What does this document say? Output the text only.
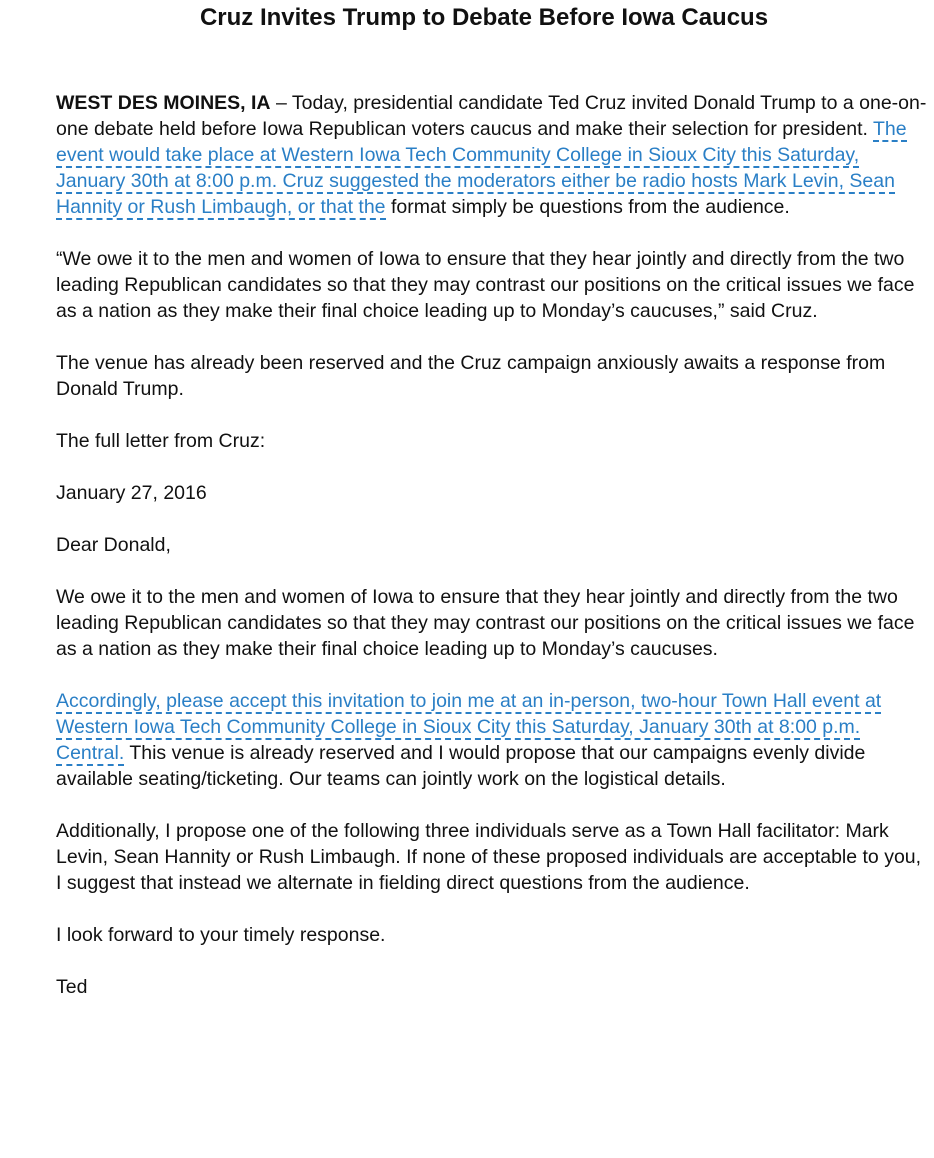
Cruz Invites Trump to Debate Before Iowa Caucus

WEST DES MOINES, IA – Today, presidential candidate Ted Cruz invited Donald Trump to a one-on-one debate held before Iowa Republican voters caucus and make their selection for president. The event would take place at Western Iowa Tech Community College in Sioux City this Saturday, January 30th at 8:00 p.m. Cruz suggested the moderators either be radio hosts Mark Levin, Sean Hannity or Rush Limbaugh, or that the format simply be questions from the audience.

“We owe it to the men and women of Iowa to ensure that they hear jointly and directly from the two leading Republican candidates so that they may contrast our positions on the critical issues we face as a nation as they make their final choice leading up to Monday’s caucuses,” said Cruz.

The venue has already been reserved and the Cruz campaign anxiously awaits a response from Donald Trump.

The full letter from Cruz:

January 27, 2016

Dear Donald,

We owe it to the men and women of Iowa to ensure that they hear jointly and directly from the two leading Republican candidates so that they may contrast our positions on the critical issues we face as a nation as they make their final choice leading up to Monday’s caucuses.

Accordingly, please accept this invitation to join me at an in-person, two-hour Town Hall event at Western Iowa Tech Community College in Sioux City this Saturday, January 30th at 8:00 p.m. Central. This venue is already reserved and I would propose that our campaigns evenly divide available seating/ticketing. Our teams can jointly work on the logistical details.

Additionally, I propose one of the following three individuals serve as a Town Hall facilitator: Mark Levin, Sean Hannity or Rush Limbaugh. If none of these proposed individuals are acceptable to you, I suggest that instead we alternate in fielding direct questions from the audience.

I look forward to your timely response.

Ted
